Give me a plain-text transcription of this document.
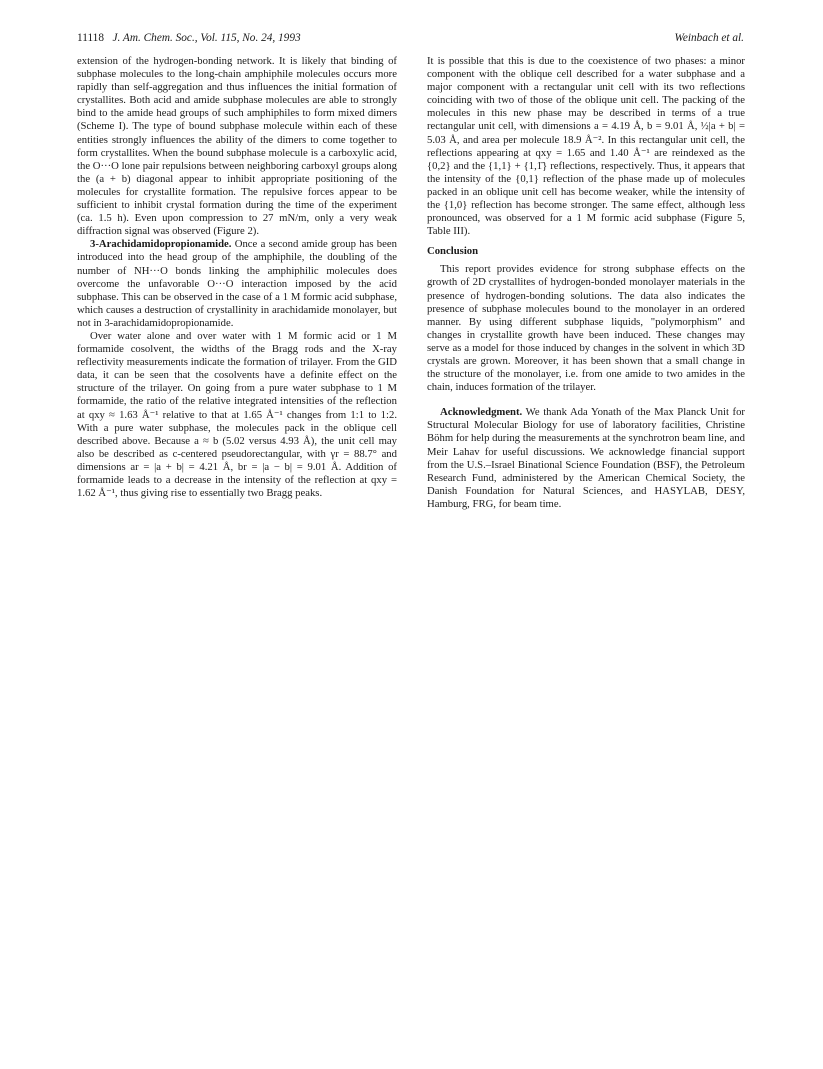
11118 J. Am. Chem. Soc., Vol. 115, No. 24, 1993	Weinbach et al.

extension of the hydrogen-bonding network. It is likely that binding of subphase molecules to the long-chain amphiphile molecules occurs more rapidly than self-aggregation and thus influences the initial formation of crystallites. Both acid and amide subphase molecules are able to strongly bind to the amide head groups of such amphiphiles to form mixed dimers (Scheme I). The type of bound subphase molecule within each of these entities strongly influences the ability of the dimers to come together to form crystallites. When the bound subphase molecule is a carboxylic acid, the O···O lone pair repulsions between neighboring carboxyl groups along the (a + b) diagonal appear to inhibit appropriate positioning of the molecules for crystallite formation. The repulsive forces appear to be sufficient to inhibit crystal formation during the time of the experiment (ca. 1.5 h). Even upon compression to 27 mN/m, only a very weak diffraction signal was observed (Figure 2).

3-Arachidamidopropionamide. Once a second amide group has been introduced into the head group of the amphiphile, the doubling of the number of NH···O bonds linking the amphiphilic molecules does overcome the unfavorable O···O interaction imposed by the acid subphase. This can be observed in the case of a 1 M formic acid subphase, which causes a destruction of crystallinity in arachidamide monolayer, but not in 3-arachidamidopropionamide.

Over water alone and over water with 1 M formic acid or 1 M formamide cosolvent, the widths of the Bragg rods and the X-ray reflectivity measurements indicate the formation of trilayer. From the GID data, it can be seen that the cosolvents have a definite effect on the structure of the trilayer. On going from a pure water subphase to 1 M formamide, the ratio of the relative integrated intensities of the reflection at qxy ≈ 1.63 Å⁻¹ relative to that at 1.65 Å⁻¹ changes from 1:1 to 1:2. With a pure water subphase, the molecules pack in the oblique cell described above. Because a ≈ b (5.02 versus 4.93 Å), the unit cell may also be described as c-centered pseudorectangular, with γr = 88.7° and dimensions ar = |a + b| = 4.21 Å, br = |a − b| = 9.01 Å. Addition of formamide leads to a decrease in the intensity of the reflection at qxy = 1.62 Å⁻¹, thus giving rise to essentially two Bragg peaks.

It is possible that this is due to the coexistence of two phases: a minor component with the oblique cell described for a water subphase and a major component with a rectangular unit cell with its two reflections coinciding with two of those of the oblique unit cell. The packing of the molecules in this new phase may be described in terms of a true rectangular unit cell, with dimensions a = 4.19 Å, b = 9.01 Å, ½|a + b| = 5.03 Å, and area per molecule 18.9 Å⁻². In this rectangular unit cell, the reflections appearing at qxy = 1.65 and 1.40 Å⁻¹ are reindexed as the {0,2} and the {1,1} + {1,1̄} reflections, respectively. Thus, it appears that the intensity of the {0,1} reflection of the phase made up of molecules packed in an oblique unit cell has become weaker, while the intensity of the {1,0} reflection has become stronger. The same effect, although less pronounced, was observed for a 1 M formic acid subphase (Figure 5, Table III).

Conclusion

This report provides evidence for strong subphase effects on the growth of 2D crystallites of hydrogen-bonded monolayer materials in the presence of hydrogen-bonding solutions. The data also indicates the presence of subphase molecules bound to the monolayer in an ordered manner. By using different subphase liquids, "polymorphism" and changes in crystallite growth have been induced. These changes may serve as a model for those induced by changes in the solvent in which 3D crystals are grown. Moreover, it has been shown that a small change in the structure of the monolayer, i.e. from one amide to two amides in the chain, induces formation of the trilayer.

Acknowledgment. We thank Ada Yonath of the Max Planck Unit for Structural Molecular Biology for use of laboratory facilities, Christine Böhm for help during the measurements at the synchrotron beam line, and Meir Lahav for useful discussions. We acknowledge financial support from the U.S.–Israel Binational Science Foundation (BSF), the Petroleum Research Fund, administered by the American Chemical Society, the Danish Foundation for Natural Sciences, and HASYLAB, DESY, Hamburg, FRG, for beam time.
